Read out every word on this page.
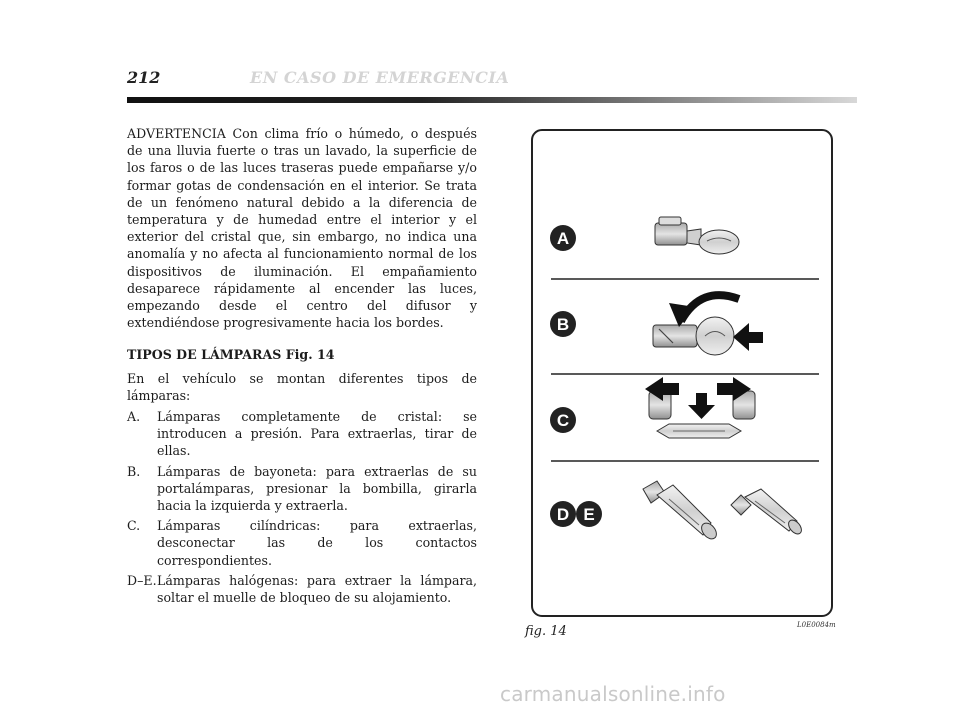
212	EN CASO DE EMERGENCIA

ADVERTENCIA Con clima frío o húmedo, o después de una lluvia fuerte o tras un lavado, la superficie de los faros o de las luces traseras puede empañarse y/o formar gotas de condensación en el interior. Se trata de un fenómeno natural debido a la diferencia de temperatura y de humedad entre el interior y el exterior del cristal que, sin embargo, no indica una anomalía y no afecta al funcionamiento normal de los dispositivos de iluminación. El empañamiento desaparece rápidamente al encender las luces, empezando desde el centro del difusor y extendiéndose progresivamente hacia los bordes.

TIPOS DE LÁMPARAS Fig. 14

En el vehículo se montan diferentes tipos de lámparas:

A.	Lámparas completamente de cristal: se introducen a presión. Para extraerlas, tirar de ellas.
B.	Lámparas de bayoneta: para extraerlas de su portalámparas, presionar la bombilla, girarla hacia la izquierda y extraerla.
C.	Lámparas cilíndricas: para extraerlas, desconectar las de los contactos correspondientes.
D–E. Lámparas halógenas: para extraer la lámpara, soltar el muelle de bloqueo de su alojamiento.
A
B
C
D E
fig. 14	L0E0084m
carmanualsonline.info
